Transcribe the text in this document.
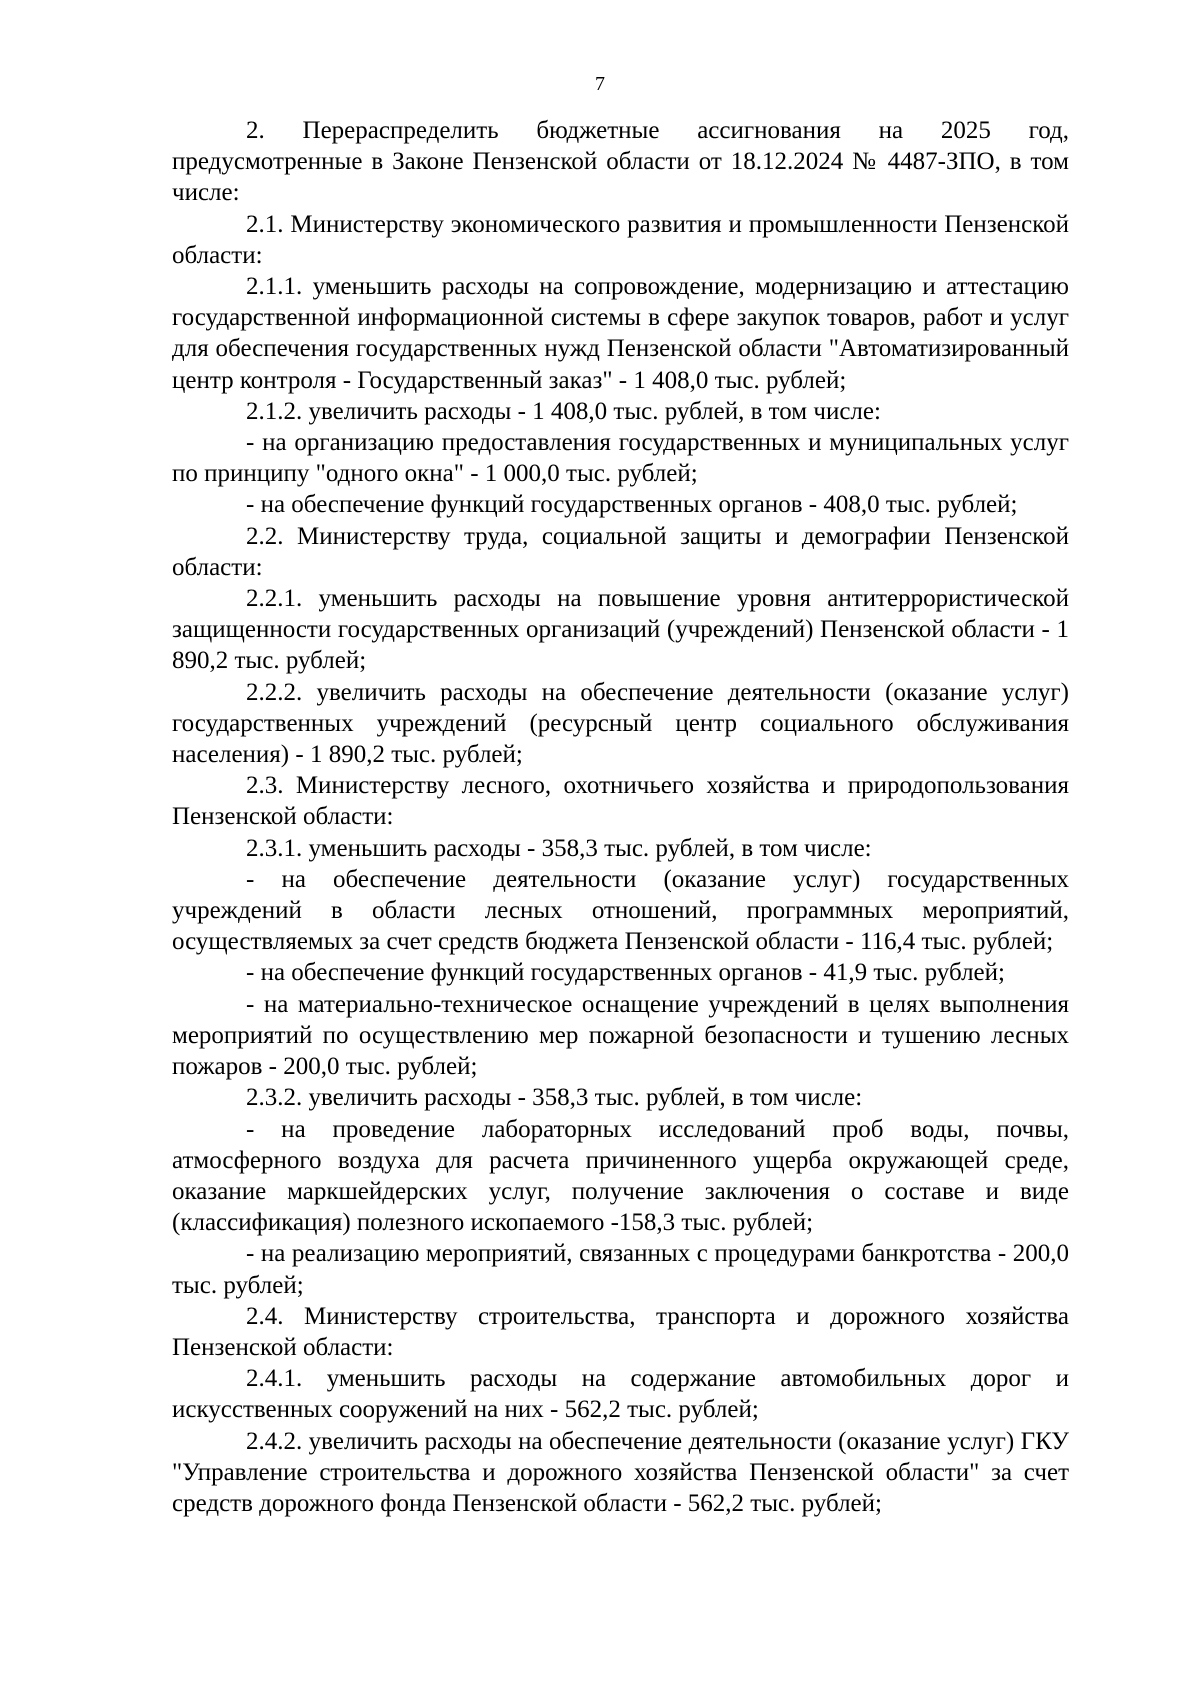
7

2. Перераспределить бюджетные ассигнования на 2025 год, предусмотренные в Законе Пензенской области от 18.12.2024 № 4487-ЗПО, в том числе:

2.1. Министерству экономического развития и промышленности Пензенской области:

2.1.1. уменьшить расходы на сопровождение, модернизацию и аттестацию государственной информационной системы в сфере закупок товаров, работ и услуг для обеспечения государственных нужд Пензенской области "Автоматизированный центр контроля - Государственный заказ" - 1 408,0 тыс. рублей;

2.1.2. увеличить расходы - 1 408,0 тыс. рублей, в том числе:

- на организацию предоставления государственных и муниципальных услуг по принципу "одного окна" - 1 000,0 тыс. рублей;

- на обеспечение функций государственных органов - 408,0 тыс. рублей;

2.2. Министерству труда, социальной защиты и демографии Пензенской области:

2.2.1. уменьшить расходы на повышение уровня антитеррористической защищенности государственных организаций (учреждений) Пензенской области - 1 890,2 тыс. рублей;

2.2.2. увеличить расходы на обеспечение деятельности (оказание услуг) государственных учреждений (ресурсный центр социального обслуживания населения) - 1 890,2 тыс. рублей;

2.3. Министерству лесного, охотничьего хозяйства и природопользования Пензенской области:

2.3.1. уменьшить расходы - 358,3 тыс. рублей, в том числе:

- на обеспечение деятельности (оказание услуг) государственных учреждений в области лесных отношений, программных мероприятий, осуществляемых за счет средств бюджета Пензенской области - 116,4 тыс. рублей;

- на обеспечение функций государственных органов - 41,9 тыс. рублей;

- на материально-техническое оснащение учреждений в целях выполнения мероприятий по осуществлению мер пожарной безопасности и тушению лесных пожаров - 200,0 тыс. рублей;

2.3.2. увеличить расходы - 358,3 тыс. рублей, в том числе:

- на проведение лабораторных исследований проб воды, почвы, атмосферного воздуха для расчета причиненного ущерба окружающей среде, оказание маркшейдерских услуг, получение заключения о составе и виде (классификация) полезного ископаемого -158,3 тыс. рублей;

- на реализацию мероприятий, связанных с процедурами банкротства - 200,0 тыс. рублей;

2.4. Министерству строительства, транспорта и дорожного хозяйства Пензенской области:

2.4.1. уменьшить расходы на содержание автомобильных дорог и искусственных сооружений на них - 562,2 тыс. рублей;

2.4.2. увеличить расходы на обеспечение деятельности (оказание услуг) ГКУ "Управление строительства и дорожного хозяйства Пензенской области" за счет средств дорожного фонда Пензенской области - 562,2 тыс. рублей;
